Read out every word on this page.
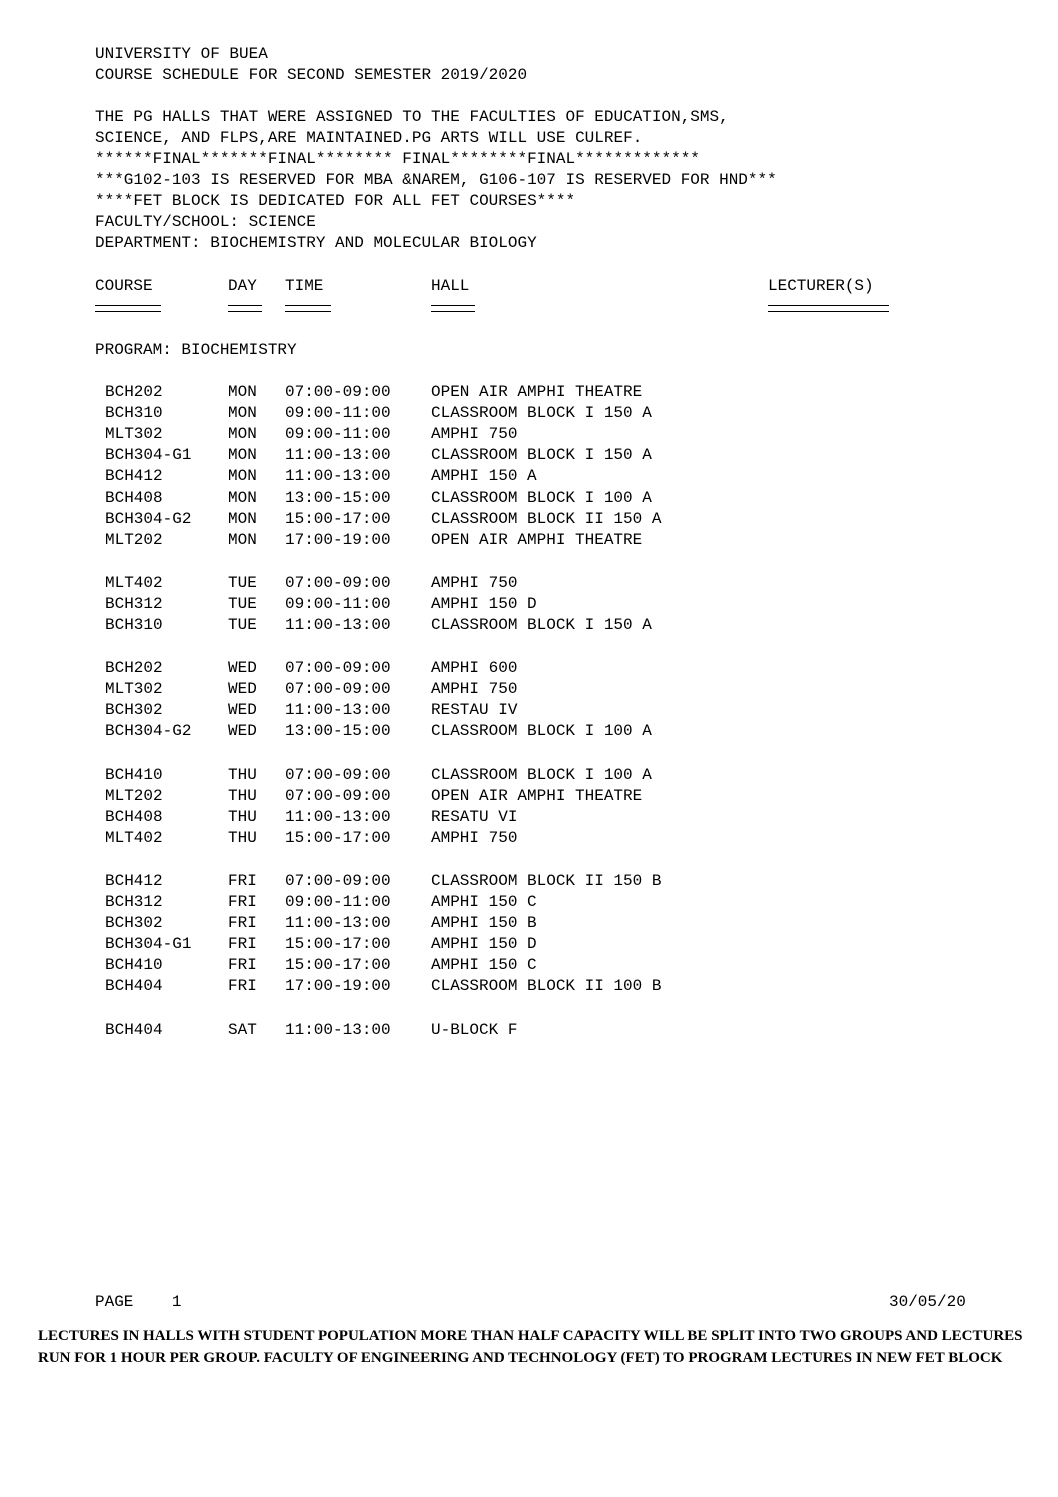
UNIVERSITY OF BUEA
COURSE SCHEDULE FOR SECOND SEMESTER 2019/2020
THE PG HALLS THAT WERE ASSIGNED TO THE FACULTIES OF EDUCATION,SMS,
SCIENCE, AND FLPS,ARE MAINTAINED.PG ARTS WILL USE CULREF.
******FINAL*******FINAL******** FINAL********FINAL*************
***G102-103 IS RESERVED FOR MBA &NAREM, G106-107 IS RESERVED FOR HND***
****FET BLOCK IS DEDICATED FOR ALL FET COURSES****
FACULTY/SCHOOL: SCIENCE
DEPARTMENT: BIOCHEMISTRY AND MOLECULAR BIOLOGY
COURSE	DAY TIME	HALL	LECTURER(S)
PROGRAM: BIOCHEMISTRY
BCH202	MON 07:00-09:00	OPEN AIR AMPHI THEATRE
BCH310	MON 09:00-11:00	CLASSROOM BLOCK I 150 A
MLT302	MON 09:00-11:00	AMPHI 750
BCH304-G1 MON 11:00-13:00	CLASSROOM BLOCK I 150 A
BCH412	MON 11:00-13:00	AMPHI 150 A
BCH408	MON 13:00-15:00	CLASSROOM BLOCK I 100 A
BCH304-G2 MON 15:00-17:00	CLASSROOM BLOCK II 150 A
MLT202	MON 17:00-19:00	OPEN AIR AMPHI THEATRE
MLT402	TUE 07:00-09:00	AMPHI 750
BCH312	TUE 09:00-11:00	AMPHI 150 D
BCH310	TUE 11:00-13:00	CLASSROOM BLOCK I 150 A
BCH202	WED 07:00-09:00	AMPHI 600
MLT302	WED 07:00-09:00	AMPHI 750
BCH302	WED 11:00-13:00	RESTAU IV
BCH304-G2 WED 13:00-15:00	CLASSROOM BLOCK I 100 A
BCH410	THU 07:00-09:00	CLASSROOM BLOCK I 100 A
MLT202	THU 07:00-09:00	OPEN AIR AMPHI THEATRE
BCH408	THU 11:00-13:00	RESATU VI
MLT402	THU 15:00-17:00	AMPHI 750
BCH412	FRI 07:00-09:00	CLASSROOM BLOCK II 150 B
BCH312	FRI 09:00-11:00	AMPHI 150 C
BCH302	FRI 11:00-13:00	AMPHI 150 B
BCH304-G1 FRI 15:00-17:00	AMPHI 150 D
BCH410	FRI 15:00-17:00	AMPHI 150 C
BCH404	FRI 17:00-19:00	CLASSROOM BLOCK II 100 B
BCH404	SAT 11:00-13:00	U-BLOCK F
PAGE 1	30/05/20
LECTURES IN HALLS WITH STUDENT POPULATION MORE THAN HALF CAPACITY WILL BE SPLIT INTO TWO GROUPS AND LECTURES RUN FOR 1 HOUR PER GROUP. FACULTY OF ENGINEERING AND TECHNOLOGY (FET) TO PROGRAM LECTURES IN NEW FET BLOCK
